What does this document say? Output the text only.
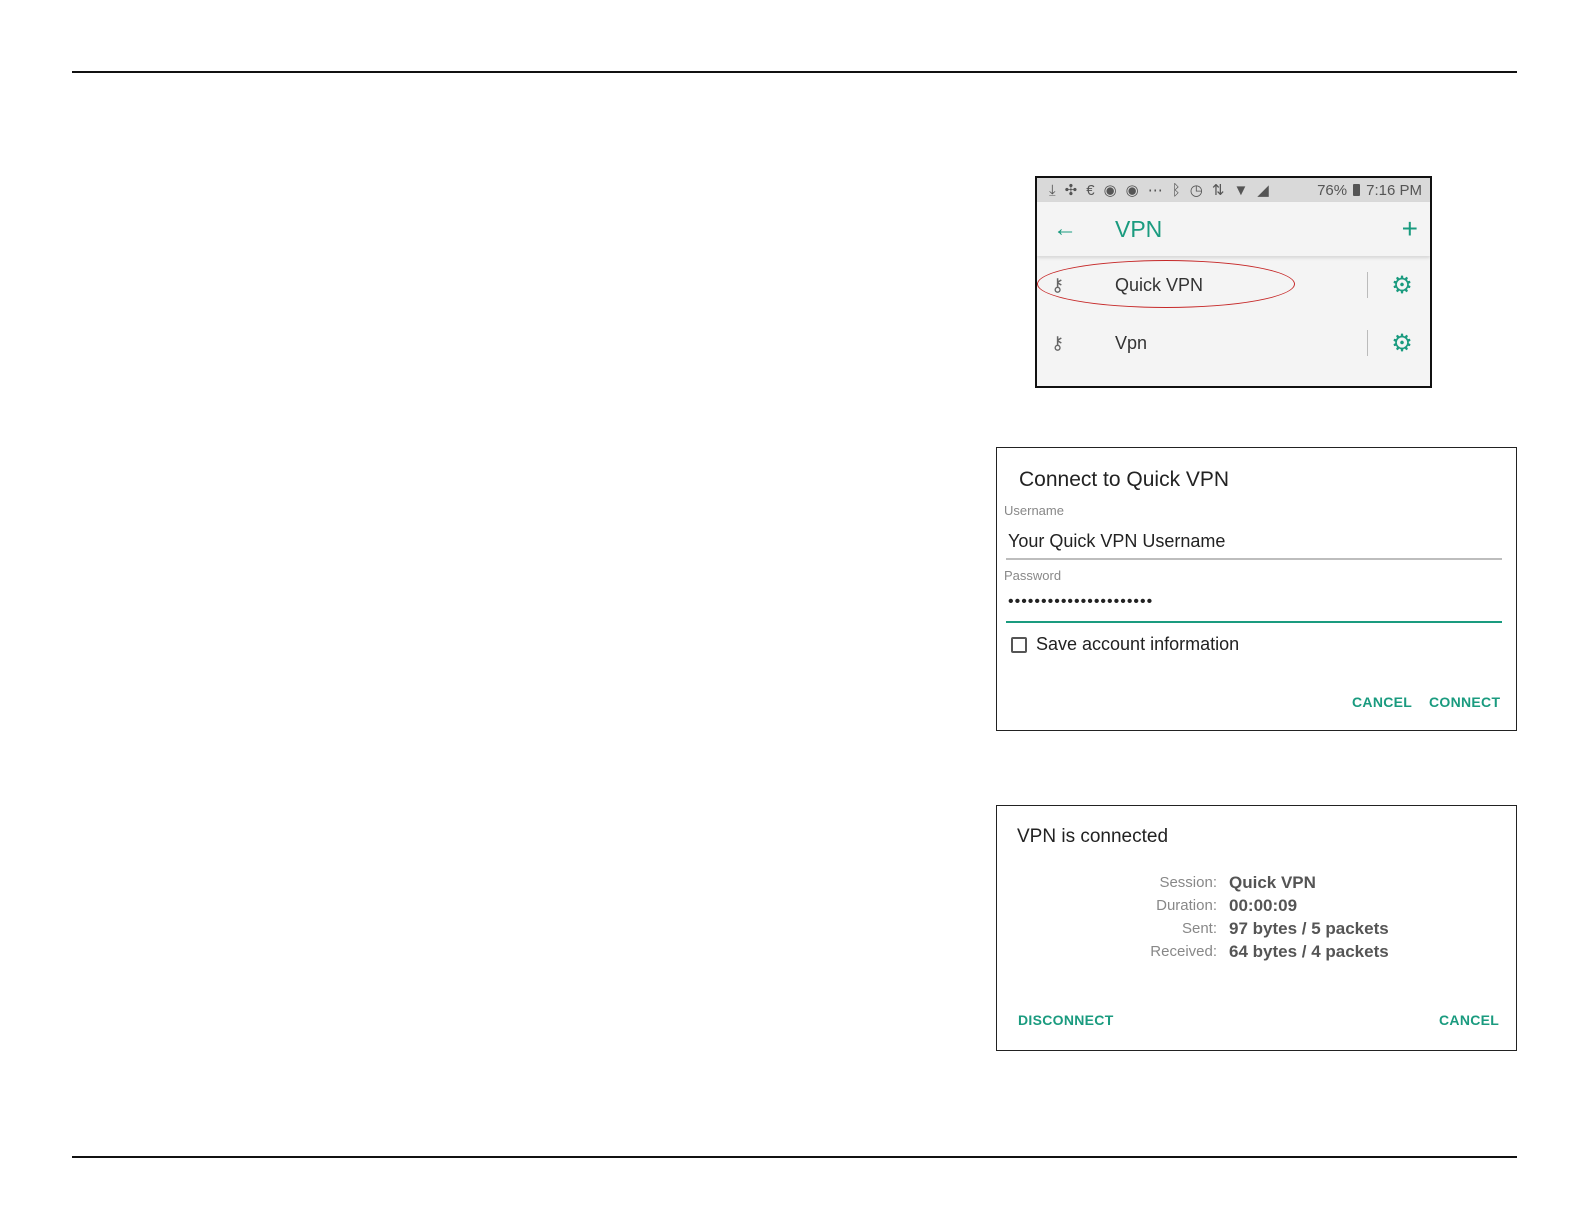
⤓ ✣ € ◉ ◉ ⋯ ᛒ ◷ ⇅ ▼ ◢	76% 7:16 PM
←	VPN	+
⚷	Quick VPN	⚙
⚷	Vpn	⚙
Connect to Quick VPN
Username
Your Quick VPN Username
Password
••••••••••••••••••••••
Save account information
CANCEL CONNECT
VPN is connected
Session: Quick VPN
Duration: 00:00:09
Sent: 97 bytes / 5 packets
Received: 64 bytes / 4 packets
DISCONNECT	CANCEL
